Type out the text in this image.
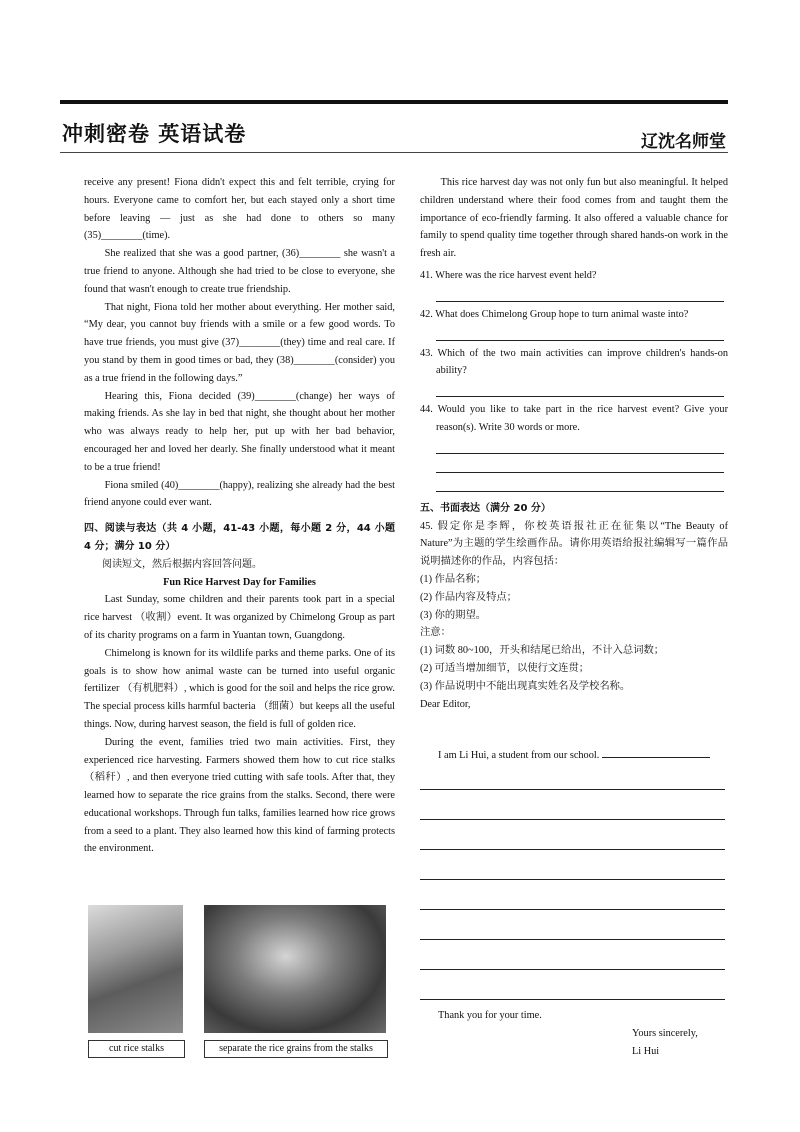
冲刺密卷 英语试卷	辽沈名师堂

receive any present! Fiona didn't expect this and felt terrible, crying for hours. Everyone came to comfort her, but each stayed only a short time before leaving — just as she had done to others so many (35)________(time).

She realized that she was a good partner, (36)________ she wasn't a true friend to anyone. Although she had tried to be close to everyone, she found that wasn't enough to create true friendship.

That night, Fiona told her mother about everything. Her mother said, “My dear, you cannot buy friends with a smile or a few good words. To have true friends, you must give (37)________(they) time and real care. If you stand by them in good times or bad, they (38)________(consider) you as a true friend in the following days.”

Hearing this, Fiona decided (39)________(change) her ways of making friends. As she lay in bed that night, she thought about her mother who was always ready to help her, put up with her bad behavior, encouraged her and loved her dearly. She finally understood what it meant to be a true friend!

Fiona smiled (40)________(happy), realizing she already had the best friend anyone could ever want.

四、阅读与表达（共 4 小题，41-43 小题，每小题 2 分，44 小题 4 分；满分 10 分）

阅读短文，然后根据内容回答问题。

Fun Rice Harvest Day for Families

Last Sunday, some children and their parents took part in a special rice harvest （收割）event. It was organized by Chimelong Group as part of its charity programs on a farm in Yuantan town, Guangdong.

Chimelong is known for its wildlife parks and theme parks. One of its goals is to show how animal waste can be turned into useful organic fertilizer （有机肥料）, which is good for the soil and helps the rice grow. The special process kills harmful bacteria （细菌）but keeps all the useful things. Now, during harvest season, the field is full of golden rice.

During the event, families tried two main activities. First, they experienced rice harvesting. Farmers showed them how to cut rice stalks （稻秆）, and then everyone tried cutting with safe tools. After that, they learned how to separate the rice grains from the stalks. Second, there were educational workshops. Through fun talks, families learned how rice grows from a seed to a plant. They also learned how this kind of farming protects the environment.

cut rice stalks	separate the rice grains from the stalks

This rice harvest day was not only fun but also meaningful. It helped children understand where their food comes from and taught them the importance of eco-friendly farming. It also offered a valuable chance for family to spend quality time together through shared hands-on work in the fresh air.

41. Where was the rice harvest event held?

42. What does Chimelong Group hope to turn animal waste into?

43. Which of the two main activities can improve children's hands-on ability?

44. Would you like to take part in the rice harvest event? Give your reason(s). Write 30 words or more.

五、书面表达（满分 20 分）

45. 假定你是李辉，你校英语报社正在征集以“The Beauty of Nature”为主题的学生绘画作品。请你用英语给报社编辑写一篇作品说明描述你的作品，内容包括：

(1) 作品名称；

(2) 作品内容及特点；

(3) 你的期望。

注意：

(1) 词数 80~100，开头和结尾已给出，不计入总词数；

(2) 可适当增加细节，以使行文连贯；

(3) 作品说明中不能出现真实姓名及学校名称。

Dear Editor,

I am Li Hui, a student from our school.
Thank you for your time.
Yours sincerely,
Li Hui
